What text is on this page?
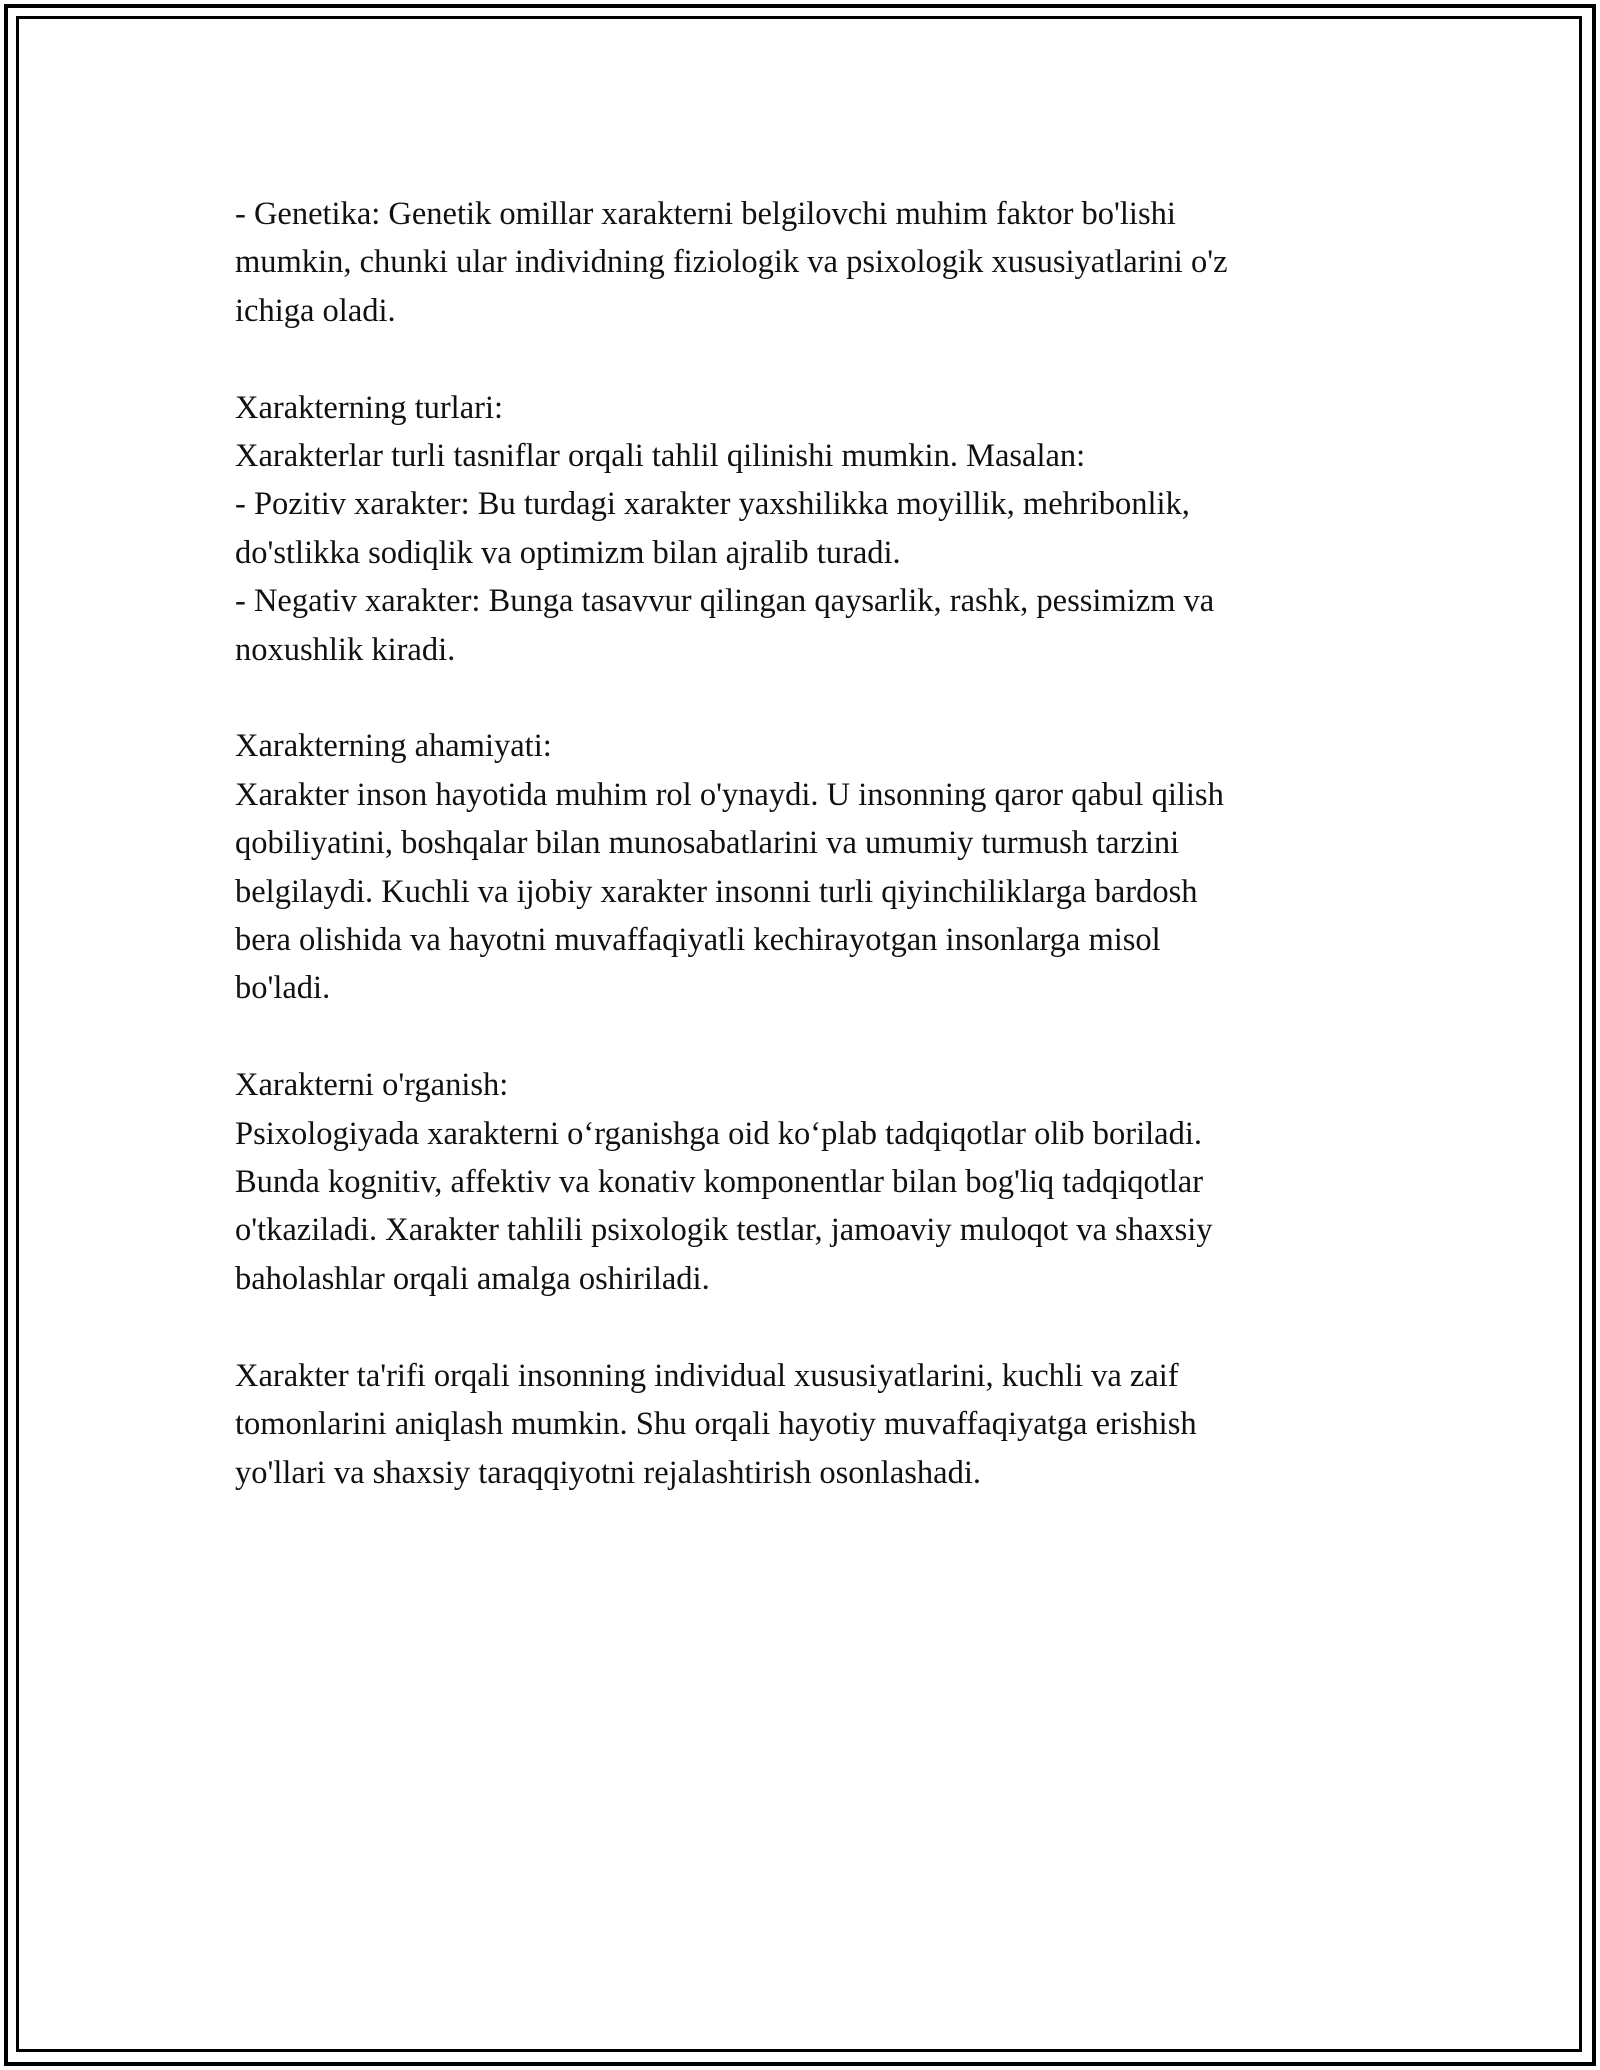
- Genetika: Genetik omillar xarakterni belgilovchi muhim faktor bo'lishi
mumkin, chunki ular individning fiziologik va psixologik xususiyatlarini o'z
ichiga oladi.

Xarakterning turlari:
Xarakterlar turli tasniflar orqali tahlil qilinishi mumkin. Masalan:
- Pozitiv xarakter: Bu turdagi xarakter yaxshilikka moyillik, mehribonlik,
do'stlikka sodiqlik va optimizm bilan ajralib turadi.
- Negativ xarakter: Bunga tasavvur qilingan qaysarlik, rashk, pessimizm va
noxushlik kiradi.

Xarakterning ahamiyati:
Xarakter inson hayotida muhim rol o'ynaydi. U insonning qaror qabul qilish
qobiliyatini, boshqalar bilan munosabatlarini va umumiy turmush tarzini
belgilaydi. Kuchli va ijobiy xarakter insonni turli qiyinchiliklarga bardosh
bera olishida va hayotni muvaffaqiyatli kechirayotgan insonlarga misol
bo'ladi.

Xarakterni o'rganish:
Psixologiyada xarakterni o‘rganishga oid ko‘plab tadqiqotlar olib boriladi.
Bunda kognitiv, affektiv va konativ komponentlar bilan bog'liq tadqiqotlar
o'tkaziladi. Xarakter tahlili psixologik testlar, jamoaviy muloqot va shaxsiy
baholashlar orqali amalga oshiriladi.

Xarakter ta'rifi orqali insonning individual xususiyatlarini, kuchli va zaif
tomonlarini aniqlash mumkin. Shu orqali hayotiy muvaffaqiyatga erishish
yo'llari va shaxsiy taraqqiyotni rejalashtirish osonlashadi.
